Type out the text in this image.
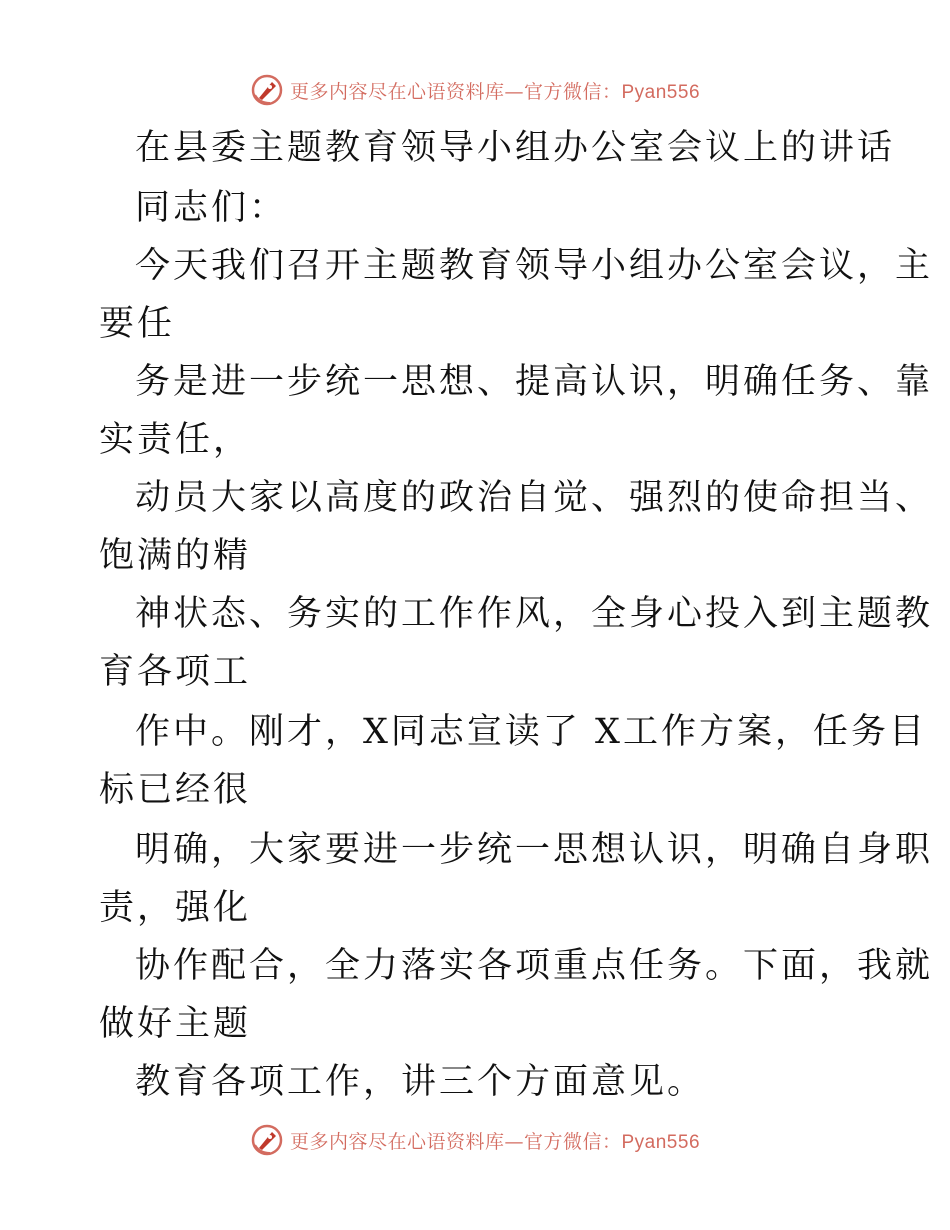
更多内容尽在心语资料库—官方微信：Pyan556
在县委主题教育领导小组办公室会议上的讲话
同志们：
今天我们召开主题教育领导小组办公室会议，主
要任
务是进一步统一思想、提高认识，明确任务、靠
实责任，
动员大家以高度的政治自觉、强烈的使命担当、
饱满的精
神状态、务实的工作作风，全身心投入到主题教
育各项工
作中。刚才，X同志宣读了 X工作方案，任务目
标已经很
明确，大家要进一步统一思想认识，明确自身职
责，强化
协作配合，全力落实各项重点任务。下面，我就
做好主题
教育各项工作，讲三个方面意见。
更多内容尽在心语资料库—官方微信：Pyan556
